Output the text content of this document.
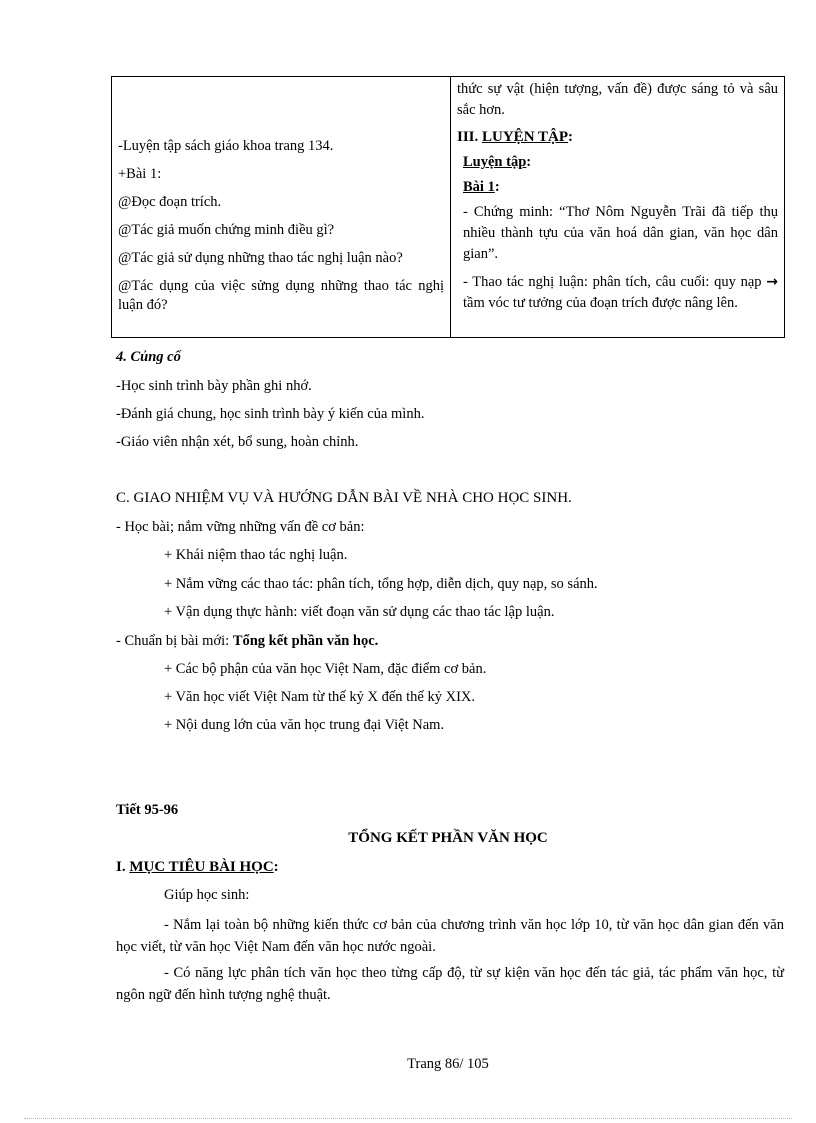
-Luyện tập sách giáo khoa trang 134.

+Bài 1:

@Đọc đoạn trích.

@Tác giả muốn chứng minh điều gì?

@Tác giả sử dụng những thao tác nghị luận nào?

@Tác dụng của việc sửng dụng những thao tác nghị luận đó?

thức sự vật (hiện tượng, vấn đề) được sáng tỏ và sâu sắc hơn.

III. LUYỆN TẬP:

Luyện tập:

Bài 1:

- Chứng minh: “Thơ Nôm Nguyễn Trãi đã tiếp thụ nhiều thành tựu của văn hoá dân gian, văn học dân gian”.

- Thao tác nghị luận: phân tích, câu cuối: quy nạp → tầm vóc tư tưởng của đoạn trích được nâng lên.

4. Củng cố
-Học sinh trình bày phần ghi nhớ.
-Đánh giá chung, học sinh trình bày ý kiến của mình.
-Giáo viên nhận xét, bổ sung, hoàn chỉnh.
C. GIAO NHIỆM VỤ VÀ HƯỚNG DẪN BÀI VỀ NHÀ CHO HỌC SINH.
- Học bài; nắm vững những vấn đề cơ bản:
+ Khái niệm thao tác nghị luận.
+ Nắm vững các thao tác: phân tích, tổng hợp, diễn dịch, quy nạp, so sánh.
+ Vận dụng thực hành: viết đoạn văn sử dụng các thao tác lập luận.
- Chuẩn bị bài mới: Tổng kết phần văn học.
+ Các bộ phận của văn học Việt Nam, đặc điểm cơ bản.
+ Văn học viết Việt Nam từ thế kỷ X đến thế kỷ XIX.
+ Nội dung lớn của văn học trung đại Việt Nam.
Tiết 95-96
TỔNG KẾT PHẦN VĂN HỌC
I. MỤC TIÊU BÀI HỌC:
Giúp học sinh:
- Nắm lại toàn bộ những kiến thức cơ bản của chương trình văn học lớp 10, từ văn học dân gian đến văn học viết, từ văn học Việt Nam đến văn học nước ngoài.
- Có năng lực phân tích văn học theo từng cấp độ, từ sự kiện văn học đến tác giả, tác phẩm văn học, từ ngôn ngữ đến hình tượng nghệ thuật.
Trang 86/ 105
